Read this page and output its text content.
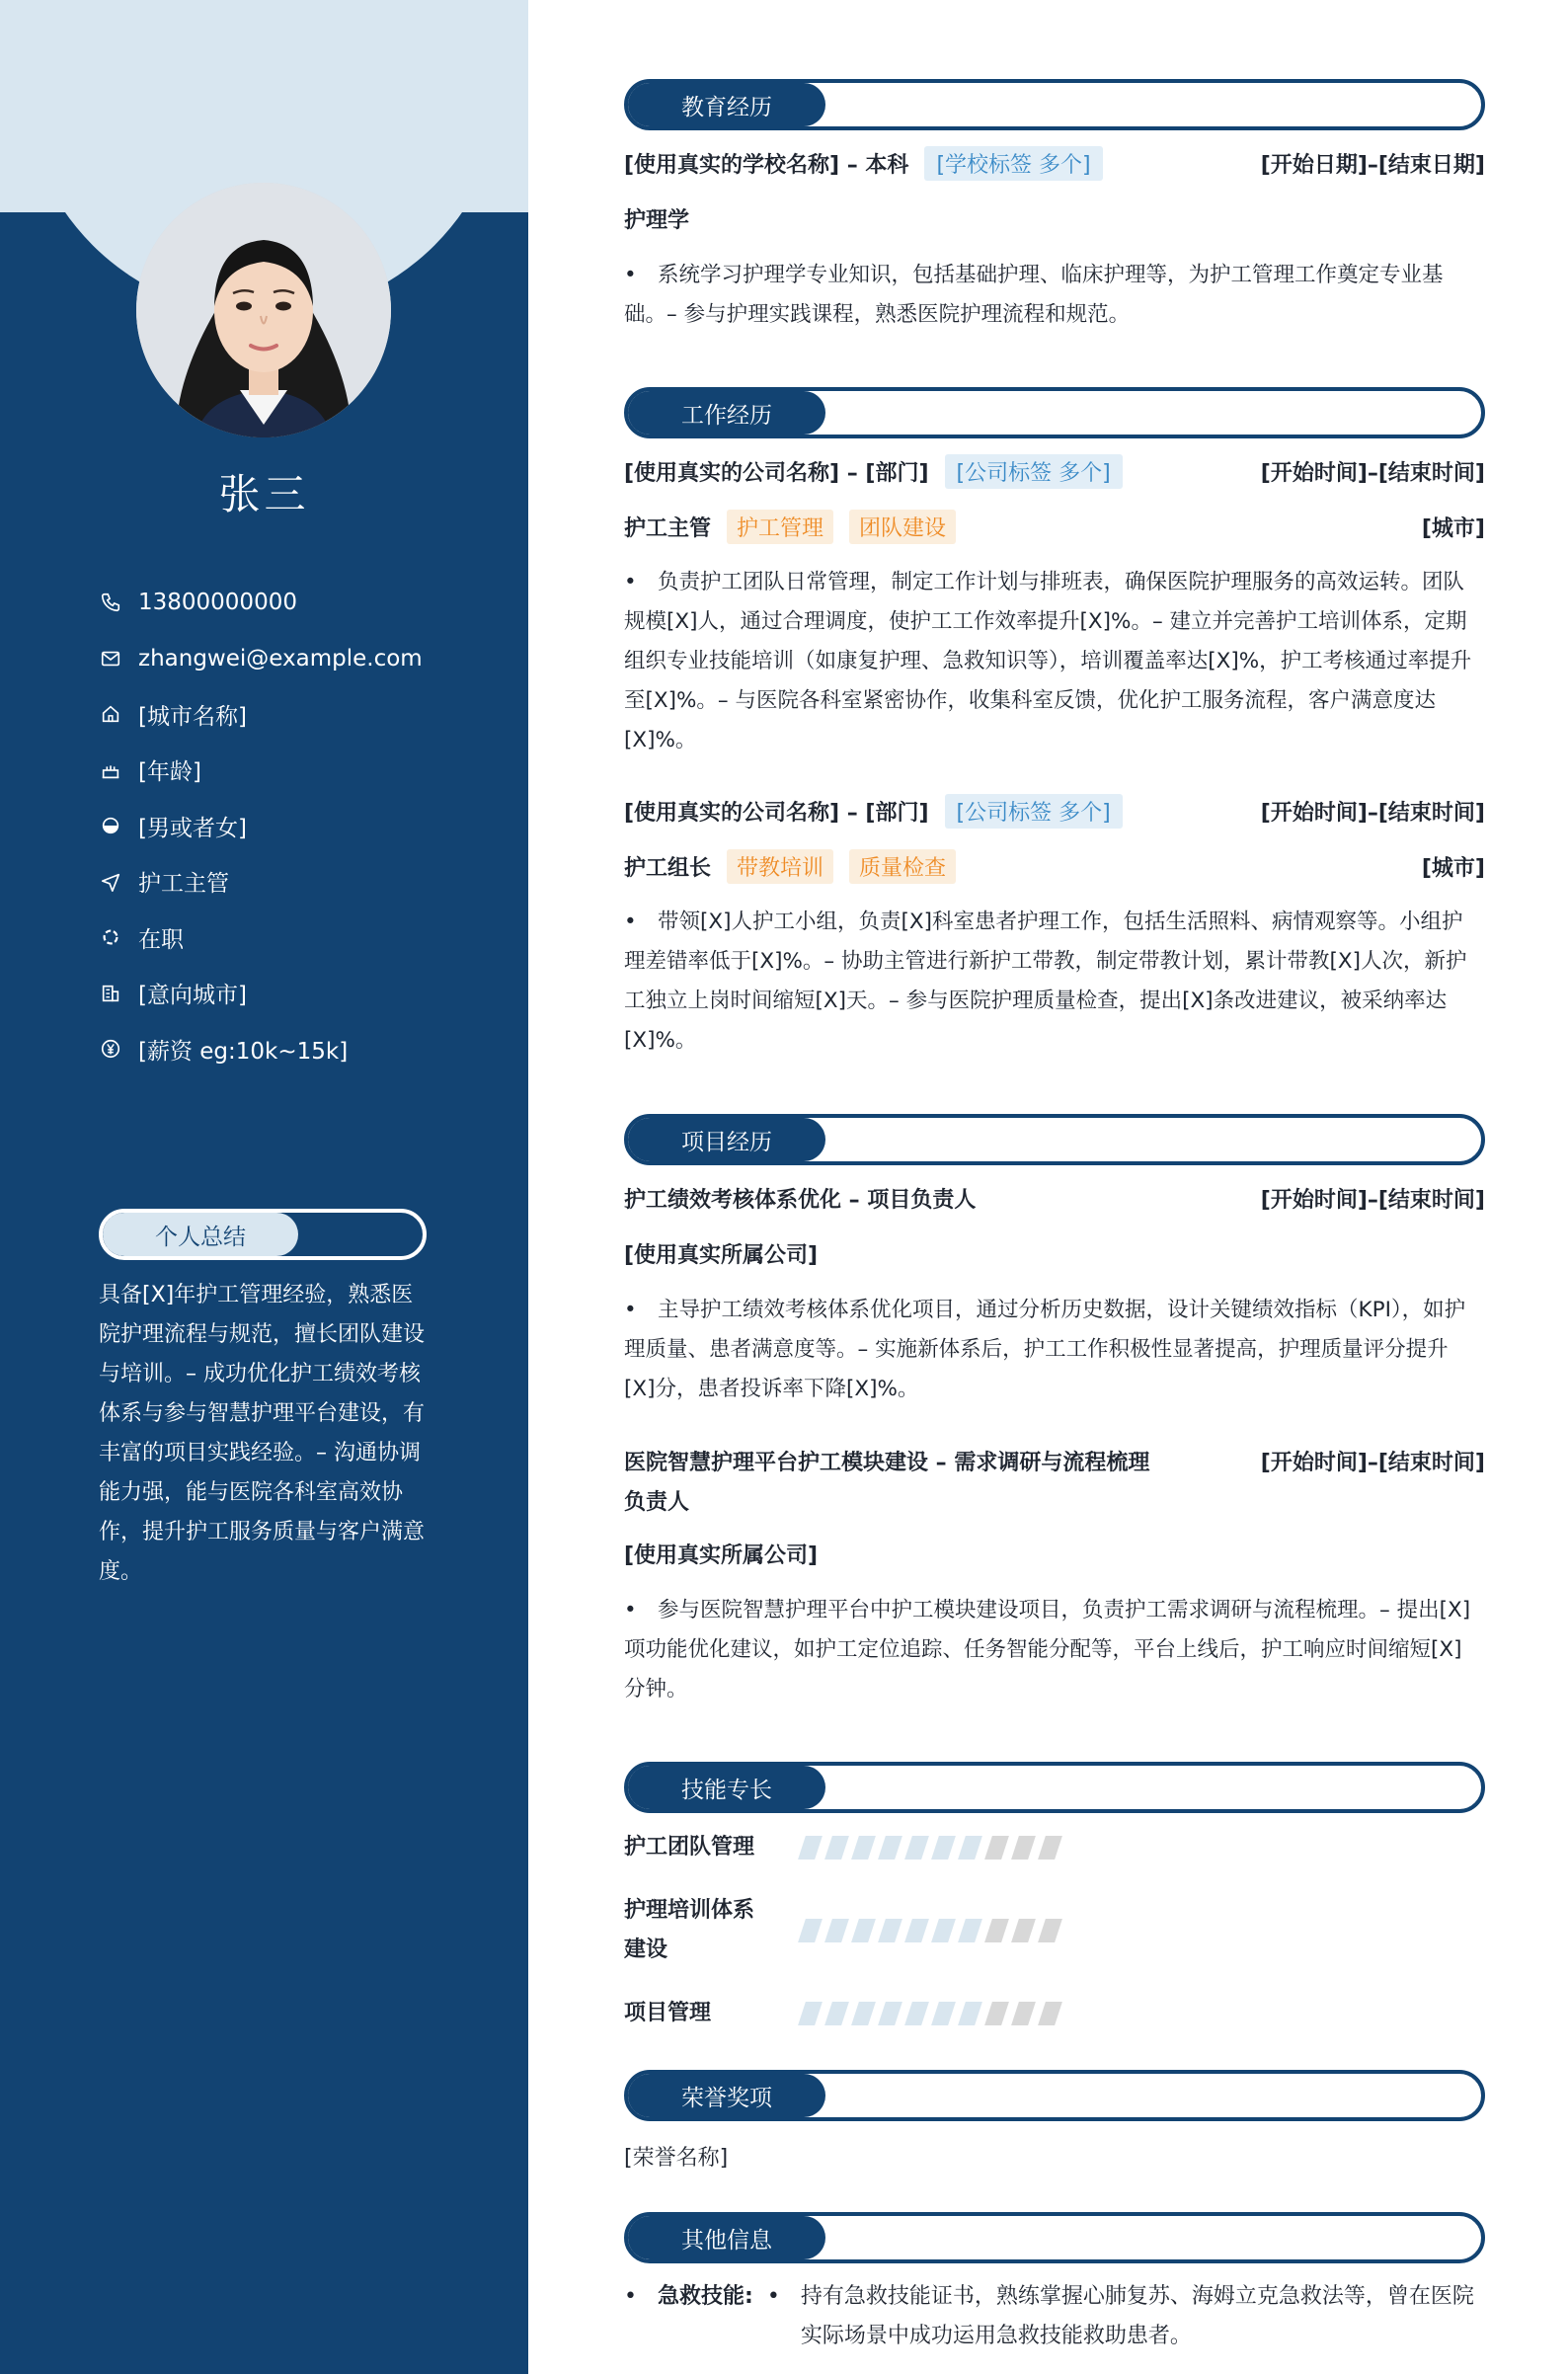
张三
13800000000
zhangwei@example.com
[城市名称]
[年龄]
[男或者女]
护工主管
在职
[意向城市]
[薪资 eg:10k~15k]
个人总结
具备[X]年护工管理经验，熟悉医院护理流程与规范，擅长团队建设与培训。– 成功优化护工绩效考核体系与参与智慧护理平台建设，有丰富的项目实践经验。– 沟通协调能力强，能与医院各科室高效协作，提升护工服务质量与客户满意度。
教育经历
[使用真实的学校名称] – 本科	[学校标签 多个]	[开始日期]–[结束日期]
护理学
• 系统学习护理学专业知识，包括基础护理、临床护理等，为护工管理工作奠定专业基础。– 参与护理实践课程，熟悉医院护理流程和规范。
工作经历
[使用真实的公司名称] – [部门]	[公司标签 多个]	[开始时间]–[结束时间]
护工主管	护工管理	团队建设	[城市]
• 负责护工团队日常管理，制定工作计划与排班表，确保医院护理服务的高效运转。团队规模[X]人，通过合理调度，使护工工作效率提升[X]%。– 建立并完善护工培训体系，定期组织专业技能培训（如康复护理、急救知识等），培训覆盖率达[X]%，护工考核通过率提升至[X]%。– 与医院各科室紧密协作，收集科室反馈，优化护工服务流程，客户满意度达[X]%。
[使用真实的公司名称] – [部门]	[公司标签 多个]	[开始时间]–[结束时间]
护工组长	带教培训	质量检查	[城市]
• 带领[X]人护工小组，负责[X]科室患者护理工作，包括生活照料、病情观察等。小组护理差错率低于[X]%。– 协助主管进行新护工带教，制定带教计划，累计带教[X]人次，新护工独立上岗时间缩短[X]天。– 参与医院护理质量检查，提出[X]条改进建议，被采纳率达[X]%。
项目经历
护工绩效考核体系优化 – 项目负责人	[开始时间]–[结束时间]
[使用真实所属公司]
• 主导护工绩效考核体系优化项目，通过分析历史数据，设计关键绩效指标（KPI），如护理质量、患者满意度等。– 实施新体系后，护工工作积极性显著提高，护理质量评分提升[X]分，患者投诉率下降[X]%。
医院智慧护理平台护工模块建设 – 需求调研与流程梳理
负责人
[开始时间]–[结束时间]
[使用真实所属公司]
• 参与医院智慧护理平台中护工模块建设项目，负责护工需求调研与流程梳理。– 提出[X]项功能优化建议，如护工定位追踪、任务智能分配等，平台上线后，护工响应时间缩短[X]分钟。
技能专长
护工团队管理
护理培训体系
建设
项目管理
荣誉奖项
[荣誉名称]
其他信息
• 急救技能: • 持有急救技能证书，熟练掌握心肺复苏、海姆立克急救法等，曾在医院实际场景中成功运用急救技能救助患者。
